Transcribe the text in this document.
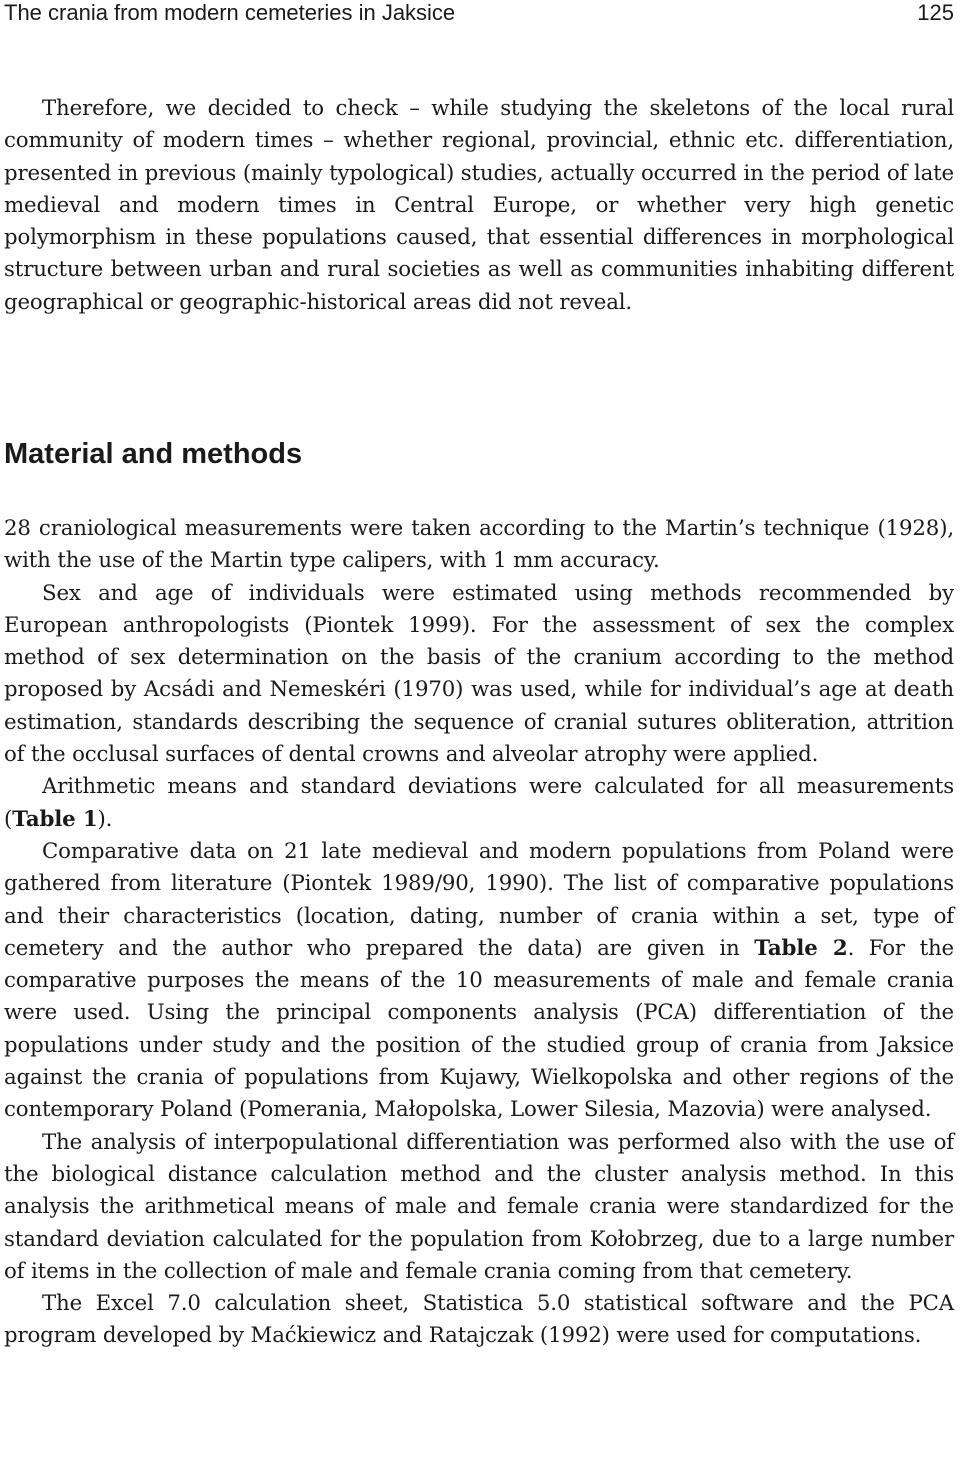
The crania from modern cemeteries in Jaksice	125

Therefore, we decided to check – while studying the skeletons of the local rural community of modern times – whether regional, provincial, ethnic etc. differentiation, presented in previous (mainly typological) studies, actually occurred in the period of late medieval and modern times in Central Europe, or whether very high genetic polymorphism in these populations caused, that essential differences in morphological structure between urban and rural societies as well as communities inhabiting different geographical or geographic-historical areas did not reveal.

Material and methods

28 craniological measurements were taken according to the Martin’s technique (1928), with the use of the Martin type calipers, with 1 mm accuracy.

Sex and age of individuals were estimated using methods recommended by European anthropologists (Piontek 1999). For the assessment of sex the complex method of sex determination on the basis of the cranium according to the method proposed by Acsádi and Nemeskéri (1970) was used, while for individual’s age at death estimation, standards describing the sequence of cranial sutures obliteration, attrition of the occlusal surfaces of dental crowns and alveolar atrophy were applied.

Arithmetic means and standard deviations were calculated for all measurements (Table 1).

Comparative data on 21 late medieval and modern populations from Poland were gathered from literature (Piontek 1989/90, 1990). The list of comparative populations and their characteristics (location, dating, number of crania within a set, type of cemetery and the author who prepared the data) are given in Table 2. For the comparative purposes the means of the 10 measurements of male and female crania were used. Using the principal components analysis (PCA) differentiation of the populations under study and the position of the studied group of crania from Jaksice against the crania of populations from Kujawy, Wielkopolska and other regions of the contemporary Poland (Pomerania, Małopolska, Lower Silesia, Mazovia) were analysed.

The analysis of interpopulational differentiation was performed also with the use of the biological distance calculation method and the cluster analysis method. In this analysis the arithmetical means of male and female crania were standardized for the standard deviation calculated for the population from Kołobrzeg, due to a large number of items in the collection of male and female crania coming from that cemetery.

The Excel 7.0 calculation sheet, Statistica 5.0 statistical software and the PCA program developed by Maćkiewicz and Ratajczak (1992) were used for computations.
